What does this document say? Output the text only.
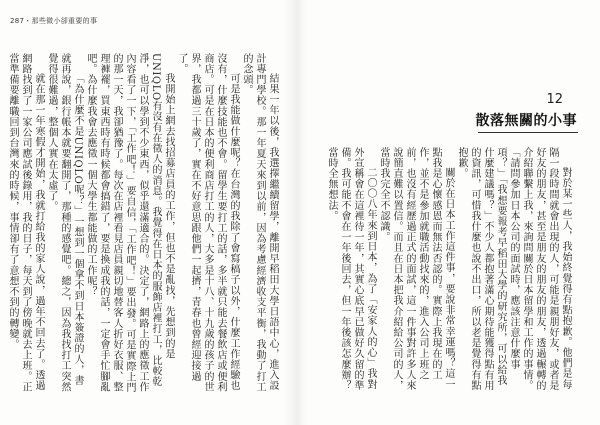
287・那些微小卻重要的事
12
散落無關的小事

對於某一些人，我始終覺得有點抱歉。他們是每隔一段時間就會出現的人，可能是親朋好友，或者是好友的朋友，甚至是朋友的朋友的朋友，透過輾轉的介紹聯繫上我，來詢問關於日本留學和工作的事情。「請問參加日本公司的面試時，應該注意什麼事項？」「我想要報考早稻田大學的研究所，可以給我什麼建議嗎？」不少人都抱著滿心期待能獲得點有用的資訊，可惜我什麼也說不出口，所以老是覺得有點抱歉。

關於在日本工作這件事，要說非常幸運嗎？這一點我是心懷感恩而無法否認的。實際上我現在的工作，並不是參加就職活動找來的，進入公司上班之前，也沒有經歷過正式的面試，這一件事對許多人來說簡直難以置信。而且在日本把我介紹給公司的人，當時我完全不認識。

二〇〇八年來到日本，為了「安家人的心」我對外宣稱會在這裡待一年，其實心底早已做好久留的準備。我可能不會在一年後回去，但一年後該怎麼辦？當時全無想法。

結果一年以後，我選擇繼續留學，離開早稻田大學日語中心，進入設計專門學校。那一年夏天來到以前，因為考慮經濟收支平衡，我動了打工的念頭。

可是我能做什麼呢？在台灣的我除了會寫稿子以外，什麼工作經驗也沒有，什麼技能也不會。留學生要打工的話，多半就只能去餐飲店或便利商店。可是在日本的便利商店打工的人，大多是十八、十九歲的孩子的世界，我都過三十歲了，實在不好意思跟他們一起擠，青春也曾經迎接過了。

我開始上網去找招募店員的工作，但也不是亂找，先想到的是UNIQLO有沒有在徵人的消息。我覺得在日本的服飾店裡打工，比較乾淨，也可以學到不少東西，似乎還滿適合的。決定了，網路上的應徵工作內容看了一下，「工作吧！」要自信，「工作吧！」要出發。可是實際上門的那一天，我卻猶豫了。每次在店裡看見店員親切地替客人折好衣服、整理褲襬，買東西時有時候都會搞錯了，要是換成我的話，一定會手忙腳亂吧。為什麼我會去應徵一個大學生都能做的工作呢？

「為什麼不是UNIQLO呢？」一想到一個拿不到日本簽證的人，書就再說，銀行帳本就要翻開了，那種的感覺吧。總之，因為我找打工突然覺得很難過，整個人實在太虛了。

就在那一年寒假才開始，我就打給我的家人說，過年不回去了。透過網路找到了一家公司應試後錄用，我的日子，每天到了傍晚就去上班。正當準備要離職回到台灣來的時候，事情卻有了意想不到的轉變。
